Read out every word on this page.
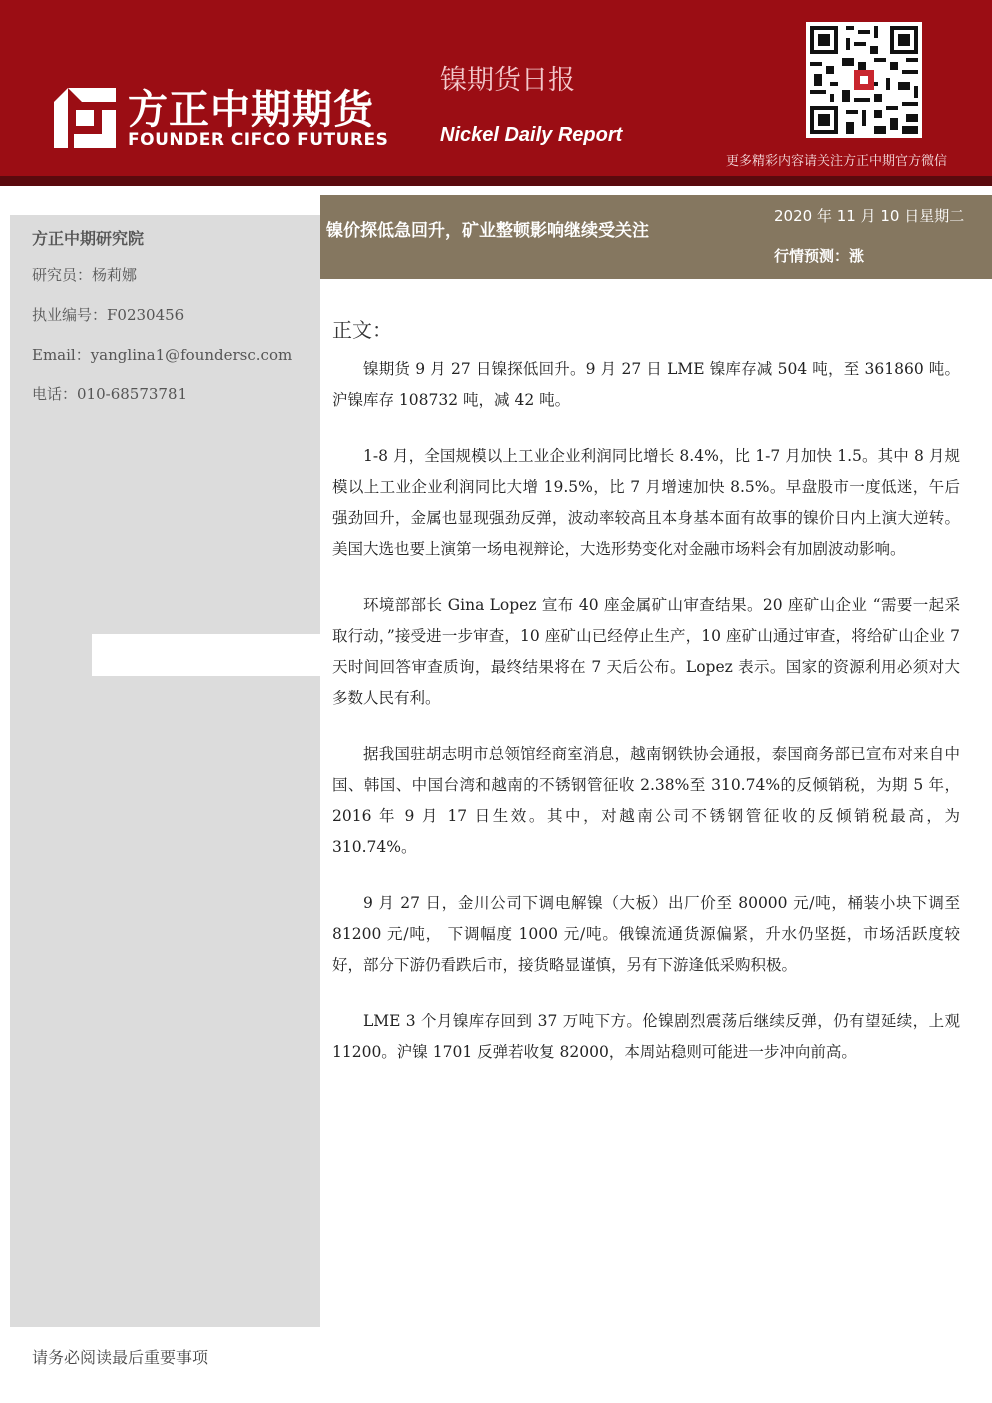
方正中期期货
FOUNDER CIFCO FUTURES
镍期货日报
Nickel Daily Report
更多精彩内容请关注方正中期官方微信
方正中期研究院
研究员：杨莉娜
执业编号：F0230456
Email：yanglina1@foundersc.com
电话：010-68573781
镍价探低急回升，矿业整顿影响继续受关注
2020 年 11 月 10 日星期二
行情预测：涨
正文：

镍期货 9 月 27 日镍探低回升。9 月 27 日 LME 镍库存减 504 吨，至 361860 吨。沪镍库存 108732 吨，减 42 吨。

1-8 月，全国规模以上工业企业利润同比增长 8.4%，比 1-7 月加快 1.5。其中 8 月规模以上工业企业利润同比大增 19.5%，比 7 月增速加快 8.5%。早盘股市一度低迷，午后强劲回升，金属也显现强劲反弹，波动率较高且本身基本面有故事的镍价日内上演大逆转。美国大选也要上演第一场电视辩论，大选形势变化对金融市场料会有加剧波动影响。

环境部部长 Gina Lopez 宣布 40 座金属矿山审查结果。20 座矿山企业 “需要一起采取行动，”接受进一步审查，10 座矿山已经停止生产，10 座矿山通过审查，将给矿山企业 7 天时间回答审查质询，最终结果将在 7 天后公布。Lopez 表示。国家的资源利用必须对大多数人民有利。

据我国驻胡志明市总领馆经商室消息，越南钢铁协会通报，泰国商务部已宣布对来自中国、韩国、中国台湾和越南的不锈钢管征收 2.38%至 310.74%的反倾销税，为期 5 年，2016 年 9 月 17 日生效。其中，对越南公司不锈钢管征收的反倾销税最高，为 310.74%。

9 月 27 日，金川公司下调电解镍（大板）出厂价至 80000 元/吨，桶装小块下调至 81200 元/吨， 下调幅度 1000 元/吨。俄镍流通货源偏紧，升水仍坚挺，市场活跃度较好，部分下游仍看跌后市，接货略显谨慎，另有下游逢低采购积极。

LME 3 个月镍库存回到 37 万吨下方。伦镍剧烈震荡后继续反弹，仍有望延续，上观 11200。沪镍 1701 反弹若收复 82000，本周站稳则可能进一步冲向前高。

请务必阅读最后重要事项
